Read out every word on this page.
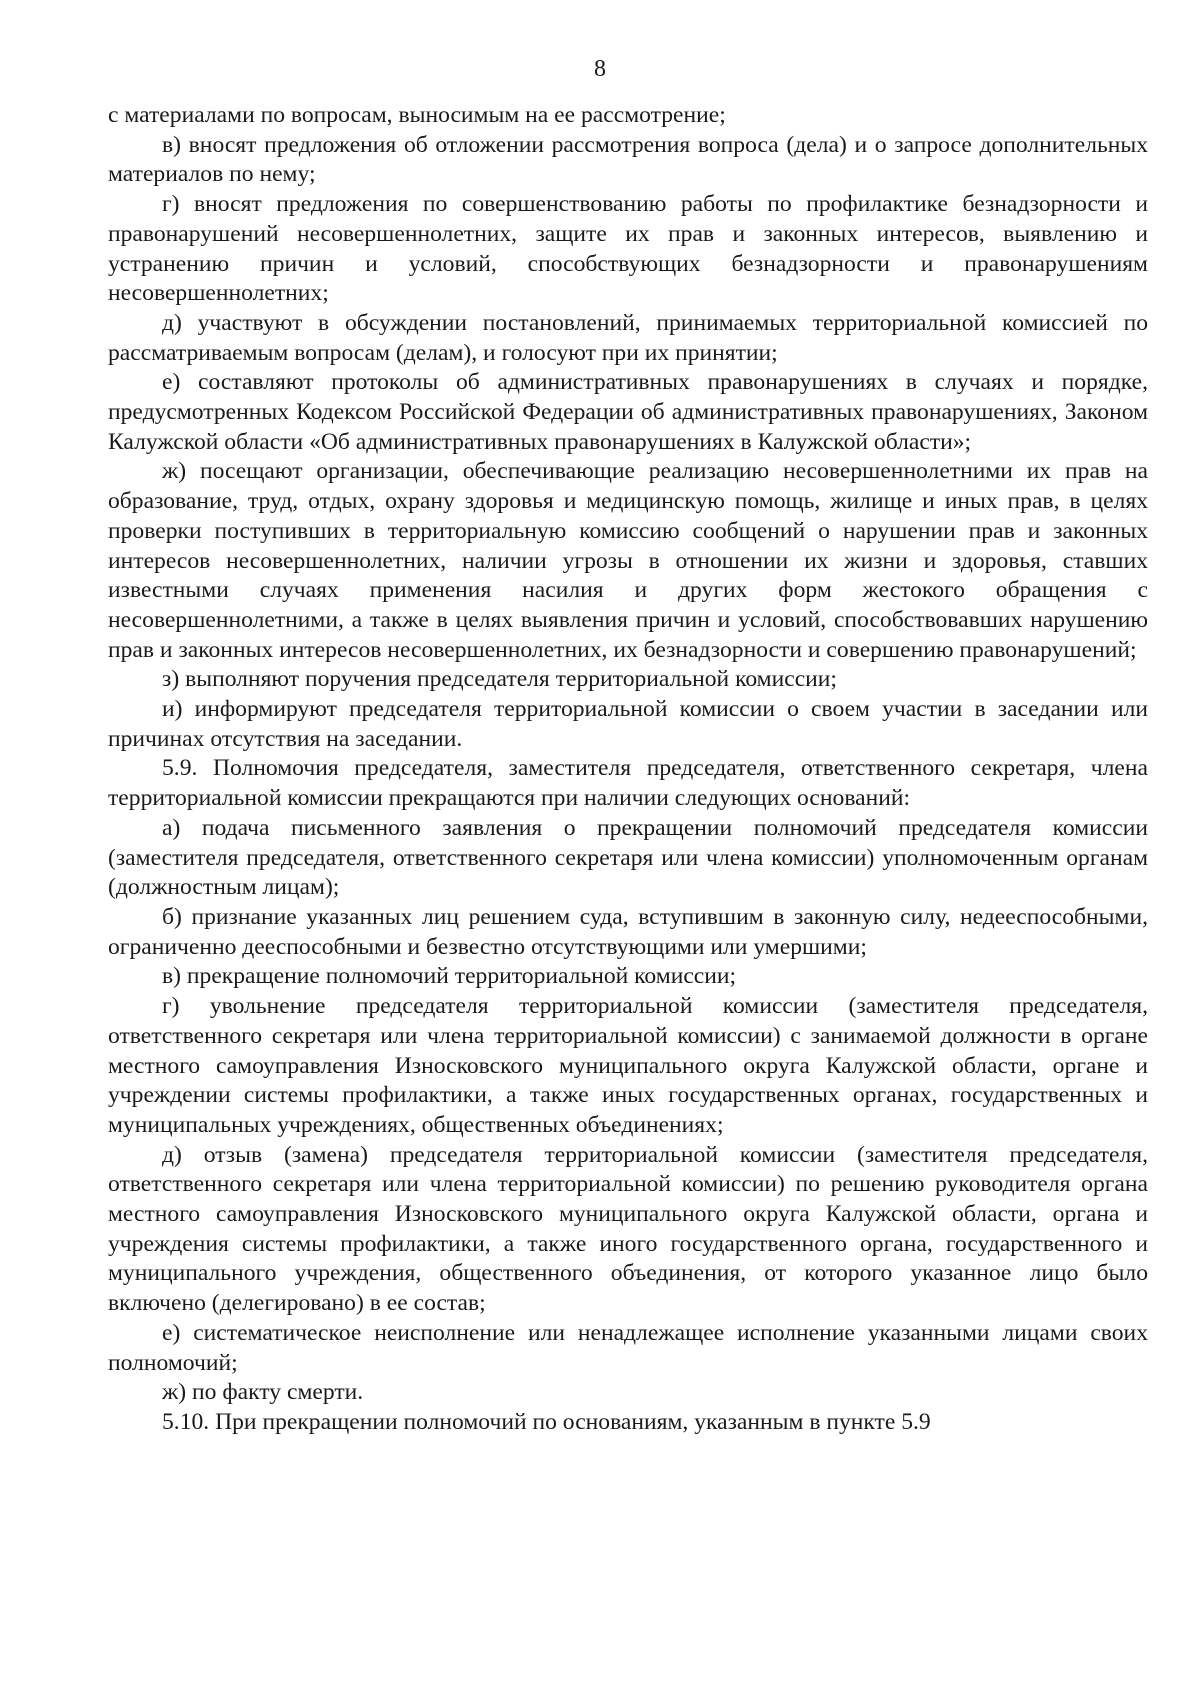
8

с материалами по вопросам, выносимым на ее рассмотрение;

в) вносят предложения об отложении рассмотрения вопроса (дела) и о запросе дополнительных материалов по нему;

г) вносят предложения по совершенствованию работы по профилактике безнадзорности и правонарушений несовершеннолетних, защите их прав и законных интересов, выявлению и устранению причин и условий, способствующих безнадзорности и правонарушениям несовершеннолетних;

д) участвуют в обсуждении постановлений, принимаемых территориальной комиссией по рассматриваемым вопросам (делам), и голосуют при их принятии;

е) составляют протоколы об административных правонарушениях в случаях и порядке, предусмотренных Кодексом Российской Федерации об административных правонарушениях, Законом Калужской области «Об административных правонарушениях в Калужской области»;

ж) посещают организации, обеспечивающие реализацию несовершеннолетними их прав на образование, труд, отдых, охрану здоровья и медицинскую помощь, жилище и иных прав, в целях проверки поступивших в территориальную комиссию сообщений о нарушении прав и законных интересов несовершеннолетних, наличии угрозы в отношении их жизни и здоровья, ставших известными случаях применения насилия и других форм жестокого обращения с несовершеннолетними, а также в целях выявления причин и условий, способствовавших нарушению прав и законных интересов несовершеннолетних, их безнадзорности и совершению правонарушений;

з) выполняют поручения председателя территориальной комиссии;

и) информируют председателя территориальной комиссии о своем участии в заседании или причинах отсутствия на заседании.

5.9. Полномочия председателя, заместителя председателя, ответственного секретаря, члена территориальной комиссии прекращаются при наличии следующих оснований:

а) подача письменного заявления о прекращении полномочий председателя комиссии (заместителя председателя, ответственного секретаря или члена комиссии) уполномоченным органам (должностным лицам);

б) признание указанных лиц решением суда, вступившим в законную силу, недееспособными, ограниченно дееспособными и безвестно отсутствующими или умершими;

в) прекращение полномочий территориальной комиссии;

г) увольнение председателя территориальной комиссии (заместителя председателя, ответственного секретаря или члена территориальной комиссии) с занимаемой должности в органе местного самоуправления Износковского муниципального округа Калужской области, органе и учреждении системы профилактики, а также иных государственных органах, государственных и муниципальных учреждениях, общественных объединениях;

д) отзыв (замена) председателя территориальной комиссии (заместителя председателя, ответственного секретаря или члена территориальной комиссии) по решению руководителя органа местного самоуправления Износковского муниципального округа Калужской области, органа и учреждения системы профилактики, а также иного государственного органа, государственного и муниципального учреждения, общественного объединения, от которого указанное лицо было включено (делегировано) в ее состав;

е) систематическое неисполнение или ненадлежащее исполнение указанными лицами своих полномочий;

ж) по факту смерти.

5.10. При прекращении полномочий по основаниям, указанным в пункте 5.9
